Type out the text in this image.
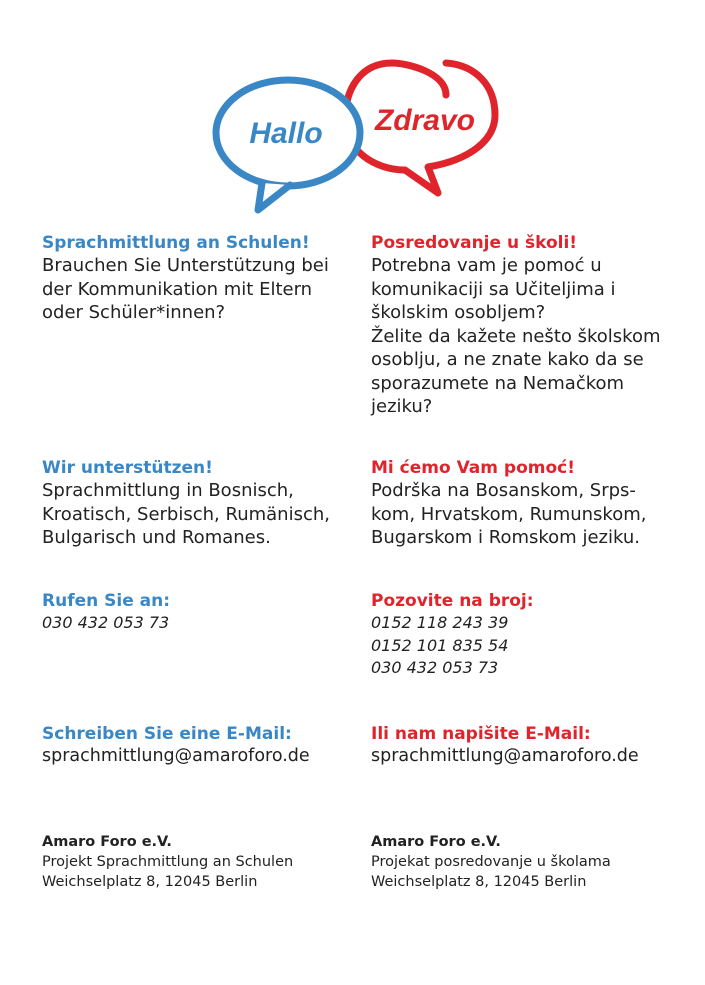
Hallo Zdravo

Sprachmittlung an Schulen!

Brauchen Sie Unterstützung bei
der Kommunikation mit Eltern
oder Schüler*innen?

Wir unterstützen!

Sprachmittlung in Bosnisch,
Kroatisch, Serbisch, Rumänisch,
Bulgarisch und Romanes.

Rufen Sie an:

030 432 053 73

Schreiben Sie eine E-Mail:

sprachmittlung@amaroforo.de

Amaro Foro e.V.

Projekt Sprachmittlung an Schulen

Weichselplatz 8, 12045 Berlin

Posredovanje u školi!

Potrebna vam je pomoć u
komunikaciji sa Učiteljima i
školskim osobljem?
Želite da kažete nešto školskom
osoblju, a ne znate kako da se
sporazumete na Nemačkom
jeziku?

Mi ćemo Vam pomoć!

Podrška na Bosanskom, Srps-
kom, Hrvatskom, Rumunskom,
Bugarskom i Romskom jeziku.

Pozovite na broj:

0152 118 243 39

0152 101 835 54

030 432 053 73

Ili nam napišite E-Mail:

sprachmittlung@amaroforo.de

Amaro Foro e.V.

Projekat posredovanje u školama

Weichselplatz 8, 12045 Berlin
